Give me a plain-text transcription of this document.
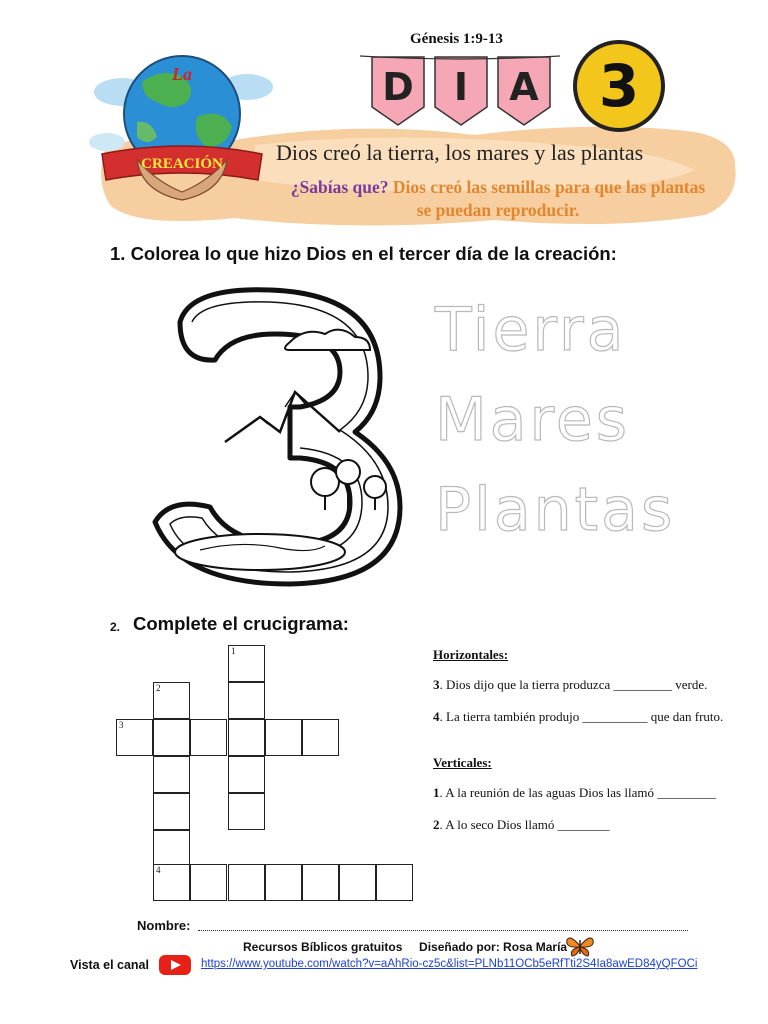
Génesis 1:9-13
D	I	A	3
La
CREACIÓN Dios creó la tierra, los mares y las plantas
¿Sabías que? Dios creó las semillas para que las plantas se puedan reproducir.
1. Colorea lo que hizo Dios en el tercer día de la creación:
Tierra
Mares
Plantas
2. Complete el crucigrama:
1
2
3
4
Horizontales:
3. Dios dijo que la tierra produzca _________ verde.
4. La tierra también produjo __________ que dan fruto.
Verticales:
1. A la reunión de las aguas Dios las llamó _________
2. A lo seco Dios llamó ________
Nombre:
Recursos Bíblicos gratuitos     Diseñado por: Rosa María
Vista el canal	https://www.youtube.com/watch?v=aAhRio-cz5c&list=PLNb11OCb5eRfTti2S4Ia8awED84yQFOCi
